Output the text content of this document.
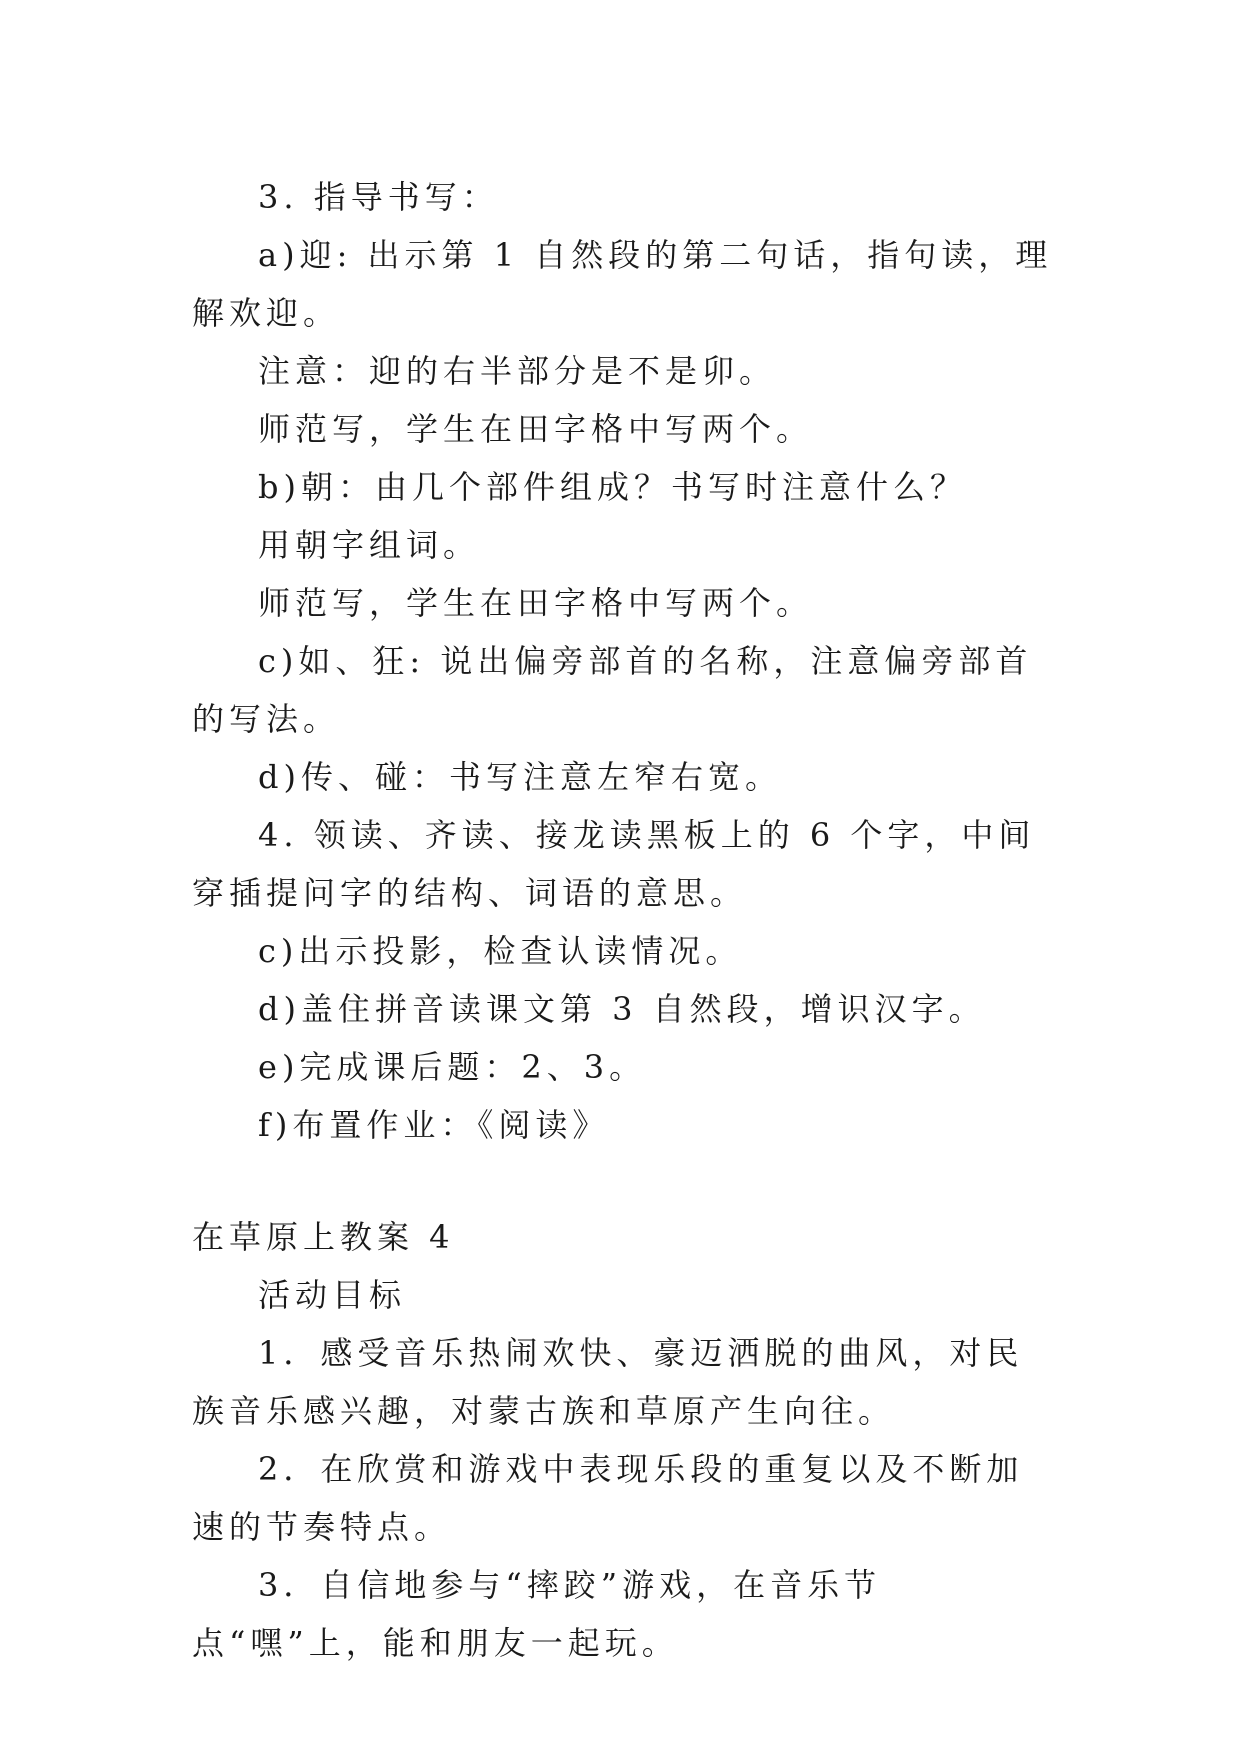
3. 指导书写：

a)迎: 出示第 1 自然段的第二句话，指句读，理解欢迎。

注意：迎的右半部分是不是卯。

师范写，学生在田字格中写两个。

b)朝：由几个部件组成？书写时注意什么？

用朝字组词。

师范写，学生在田字格中写两个。

c)如、狂: 说出偏旁部首的名称，注意偏旁部首的写法。

d)传、碰：书写注意左窄右宽。

4. 领读、齐读、接龙读黑板上的 6 个字，中间穿插提问字的结构、词语的意思。

c)出示投影，检查认读情况。

d)盖住拼音读课文第 3 自然段，增识汉字。

e)完成课后题：2、3。

f)布置作业：《阅读》

在草原上教案 4

活动目标

1．感受音乐热闹欢快、豪迈洒脱的曲风，对民族音乐感兴趣，对蒙古族和草原产生向往。

2．在欣赏和游戏中表现乐段的重复以及不断加速的节奏特点。

3．自信地参与“摔跤”游戏，在音乐节点“嘿”上，能和朋友一起玩。
